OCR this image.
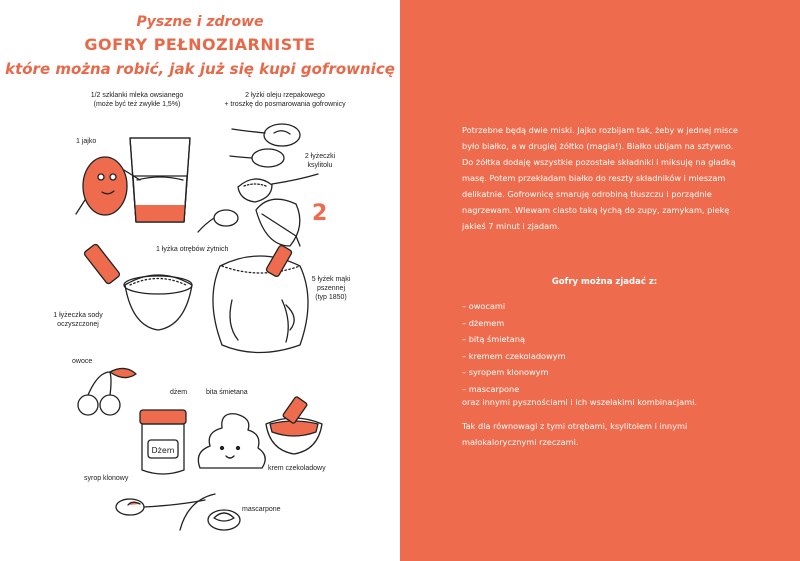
Pyszne i zdrowe
GOFRY PEŁNOZIARNISTE
które można robić, jak już się kupi gofrownicę
2
Dżem
1/2 szklanki mleka owsianego
(może być też zwykłe 1,5%)
2 łyżki oleju rzepakowego
+ troszkę do posmarowania gofrownicy
1 jajko
2 łyżeczki
ksylitolu
1 łyżka otrębów żytnich
5 łyżek mąki
pszennej
(typ 1850)
1 łyżeczka sody
oczyszczonej
owoce
dżem	bita śmietana
krem czekoladowy
syrop klonowy
mascarpone
Potrzebne będą dwie miski. Jajko rozbijam tak, żeby w jednej misce było białko, a w drugiej żółtko (magia!). Białko ubijam na sztywno. Do żółtka dodaję wszystkie pozostałe składniki i miksuję na gładką masę. Potem przekładam białko do reszty składników i mieszam delikatnie. Gofrownicę smaruję odrobiną tłuszczu i porządnie nagrzewam. Wlewam ciasto taką łychą do zupy, zamykam, piekę jakieś 7 minut i zjadam.
Gofry można zjadać z:
– owocami
– dżemem
– bitą śmietaną
– kremem czekoladowym
– syropem klonowym
– mascarpone
oraz innymi pysznościami i ich wszelakimi kombinacjami.
Tak dla równowagi z tymi otrębami, ksylitolem i innymi małokalorycznymi rzeczami.
